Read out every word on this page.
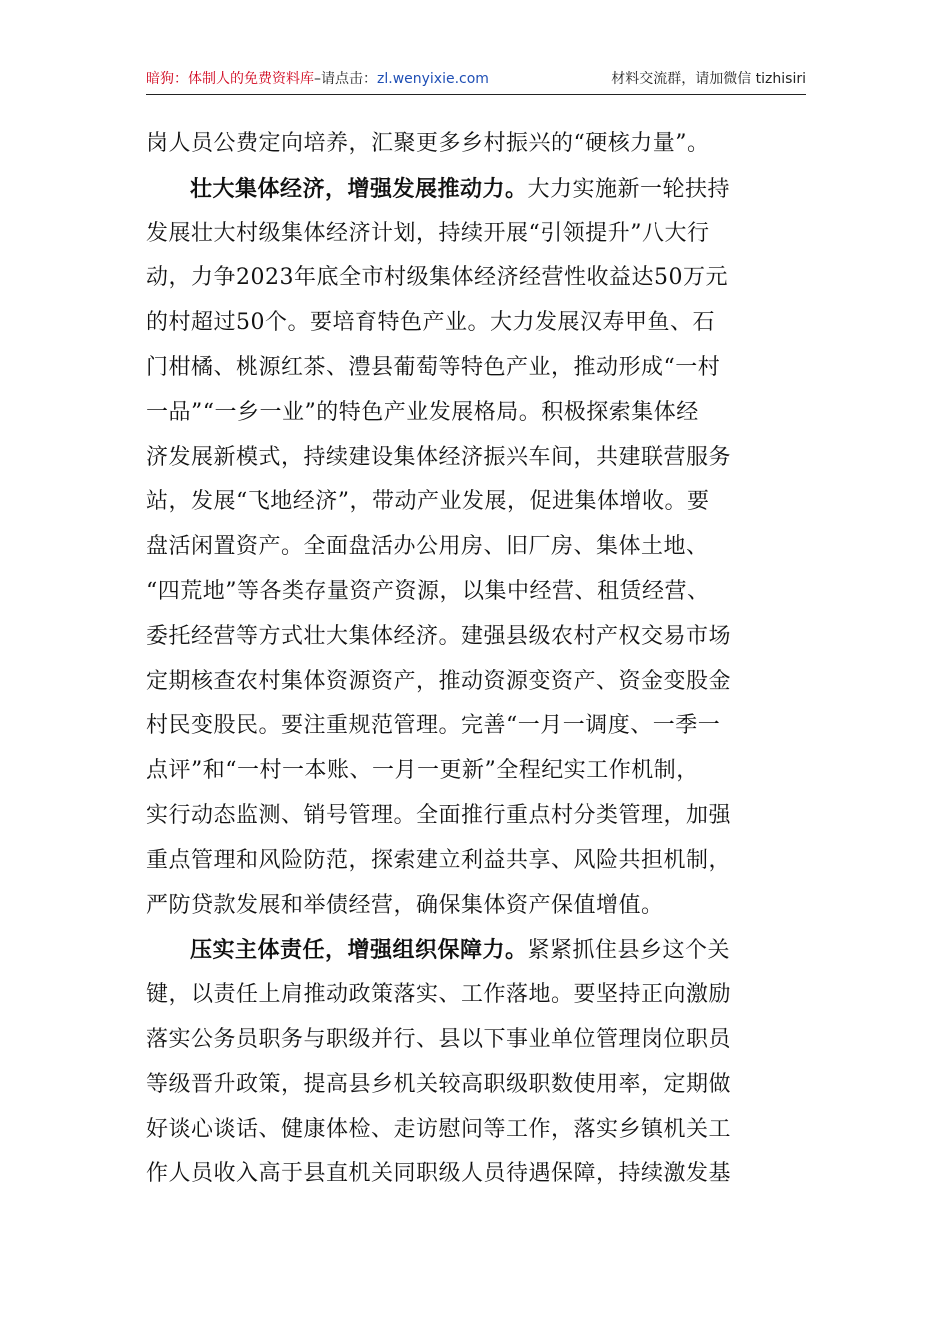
暗狗：体制人的免费资料库–请点击：zl.wenyixie.com	材料交流群，请加微信 tizhisiri
岗人员公费定向培养，汇聚更多乡村振兴的“硬核力量”。
壮大集体经济，增强发展推动力。大力实施新一轮扶持
发展壮大村级集体经济计划，持续开展“引领提升”八大行
动，力争2023年底全市村级集体经济经营性收益达50万元
的村超过50个。要培育特色产业。大力发展汉寿甲鱼、石
门柑橘、桃源红茶、澧县葡萄等特色产业，推动形成“一村
一品”“一乡一业”的特色产业发展格局。积极探索集体经
济发展新模式，持续建设集体经济振兴车间，共建联营服务
站，发展“飞地经济”，带动产业发展，促进集体增收。要
盘活闲置资产。全面盘活办公用房、旧厂房、集体土地、
“四荒地”等各类存量资产资源，以集中经营、租赁经营、
委托经营等方式壮大集体经济。建强县级农村产权交易市场
定期核查农村集体资源资产，推动资源变资产、资金变股金
村民变股民。要注重规范管理。完善“一月一调度、一季一
点评”和“一村一本账、一月一更新”全程纪实工作机制，
实行动态监测、销号管理。全面推行重点村分类管理，加强
重点管理和风险防范，探索建立利益共享、风险共担机制，
严防贷款发展和举债经营，确保集体资产保值增值。
压实主体责任，增强组织保障力。紧紧抓住县乡这个关
键，以责任上肩推动政策落实、工作落地。要坚持正向激励
落实公务员职务与职级并行、县以下事业单位管理岗位职员
等级晋升政策，提高县乡机关较高职级职数使用率，定期做
好谈心谈话、健康体检、走访慰问等工作，落实乡镇机关工
作人员收入高于县直机关同职级人员待遇保障，持续激发基
